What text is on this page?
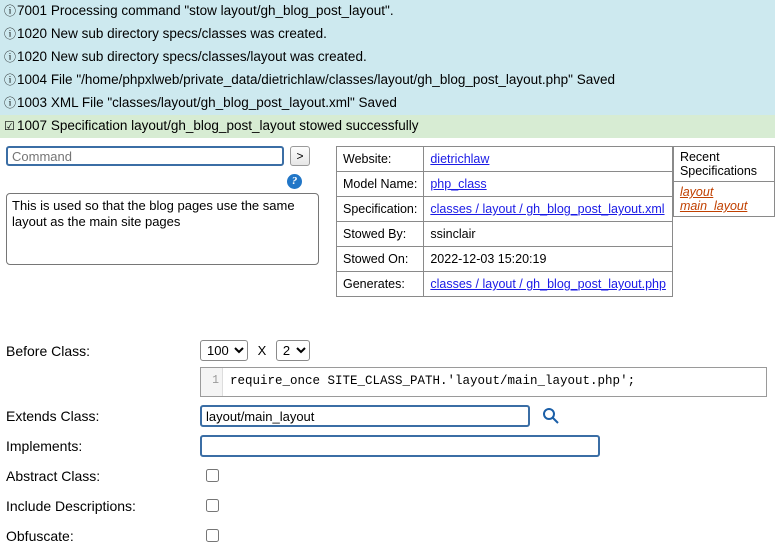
ⓘ7001 Processing command "stow layout/gh_blog_post_layout".
ⓘ1020 New sub directory specs/classes was created.
ⓘ1020 New sub directory specs/classes/layout was created.
ⓘ1004 File "/home/phpxlweb/private_data/dietrichlaw/classes/layout/gh_blog_post_layout.php" Saved
ⓘ1003 XML File "classes/layout/gh_blog_post_layout.xml" Saved
☑ 1007 Specification layout/gh_blog_post_layout stowed successfully
Command
>
?
This is used so that the blog pages use the same layout as the main site pages
Website:	dietrichlaw
Model Name:	php_class
Specification:	classes / layout / gh_blog_post_layout.xml
Stowed By:	ssinclair
Stowed On:	2022-12-03 15:20:19
Generates:	classes / layout / gh_blog_post_layout.php
Recent Specifications
layout main_layout

Before Class:
100	X
2
1 require_once SITE_CLASS_PATH.'layout/main_layout.php';
Extends Class:
layout/main_layout
Implements:
Abstract Class:
Include Descriptions:
Obfuscate:
